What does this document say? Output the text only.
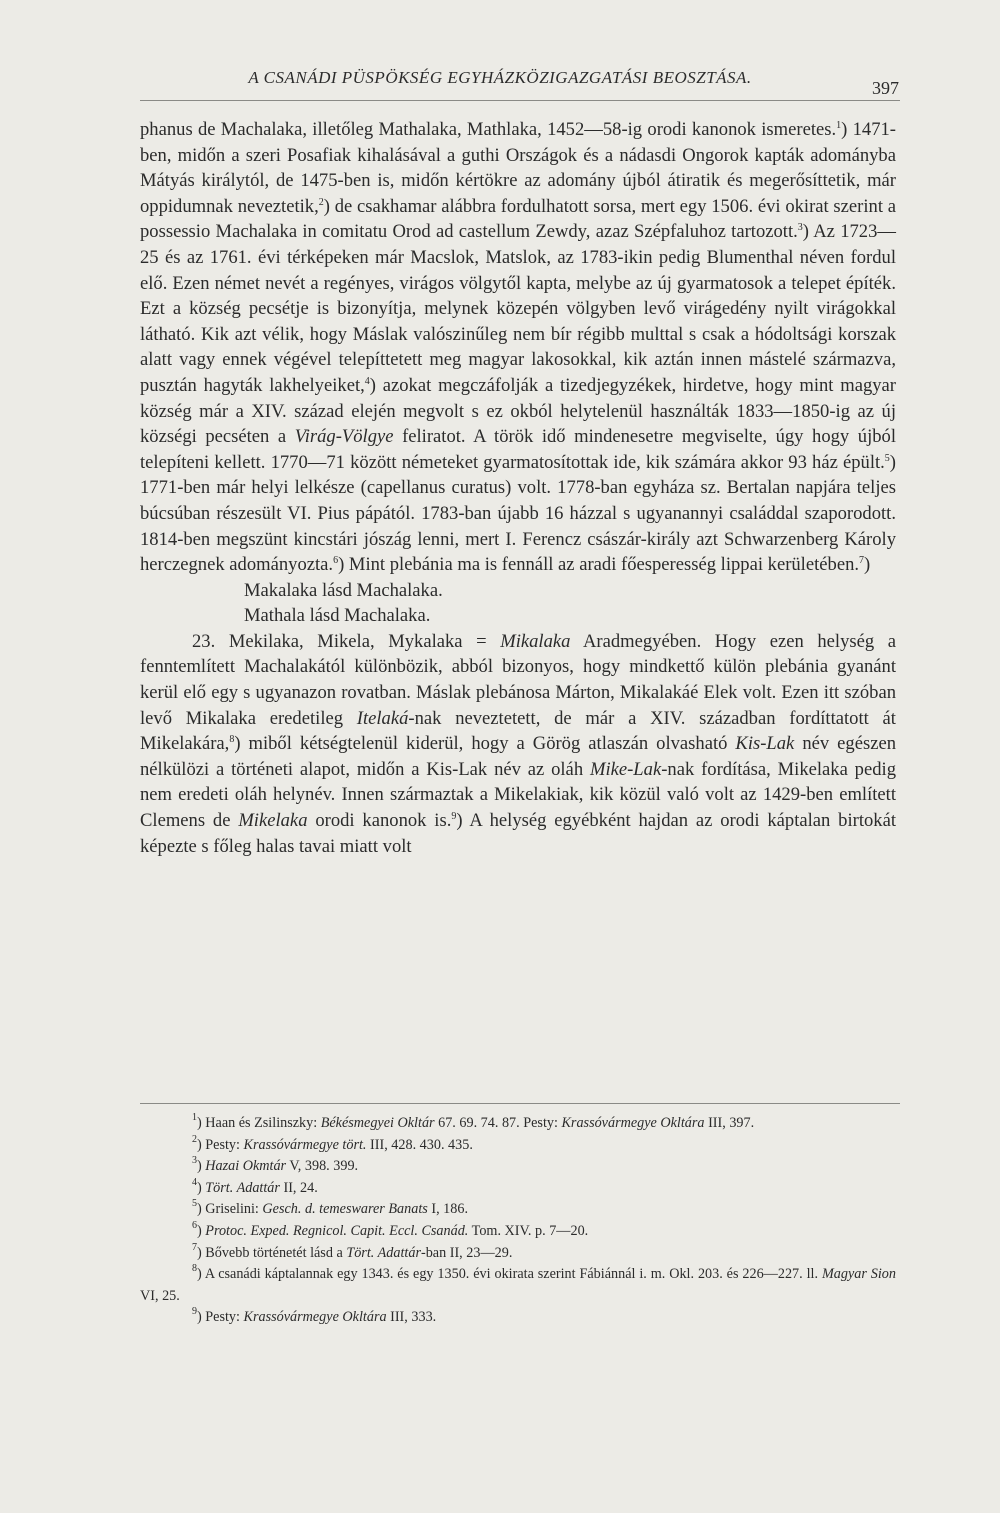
A CSANÁDI PÜSPÖKSÉG EGYHÁZKÖZIGAZGATÁSI BEOSZTÁSA.
397

phanus de Machalaka, illetőleg Mathalaka, Mathlaka, 1452—58-ig orodi kanonok ismeretes.$^1$) 1471-ben, midőn a szeri Posafiak kihalásával a guthi Országok és a nádasdi Ongorok kapták adományba Mátyás királytól, de 1475-ben is, midőn kértökre az adomány újból átiratik és megerősíttetik, már oppidumnak neveztetik,$^2$) de csakhamar alábbra fordulhatott sorsa, mert egy 1506. évi okirat szerint a possessio Machalaka in comitatu Orod ad castellum Zewdy, azaz Szépfaluhoz tartozott.$^3$) Az 1723—25 és az 1761. évi térképeken már Macslok, Matslok, az 1783-ikin pedig Blumenthal néven fordul elő. Ezen német nevét a regényes, virágos völgytől kapta, melybe az új gyarmatosok a telepet építék. Ezt a község pecsétje is bizonyítja, melynek közepén völgyben levő virágedény nyilt virágokkal látható. Kik azt vélik, hogy Máslak valószinűleg nem bír régibb multtal s csak a hódoltsági korszak alatt vagy ennek végével telepíttetett meg magyar lakosokkal, kik aztán innen mástelé származva, pusztán hagyták lakhelyeiket,$^4$) azokat megczáfolják a tizedjegyzékek, hirdetve, hogy mint magyar község már a XIV. század elején megvolt s ez okból helytelenül használták 1833—1850-ig az új községi pecséten a Virág-Völgye feliratot. A török idő mindenesetre megviselte, úgy hogy újból telepíteni kellett. 1770—71 között németeket gyarmatosítottak ide, kik számára akkor 93 ház épült.$^5$) 1771-ben már helyi lelkésze (capellanus curatus) volt. 1778-ban egyháza sz. Bertalan napjára teljes búcsúban részesült VI. Pius pápától. 1783-ban újabb 16 házzal s ugyanannyi családdal szaporodott. 1814-ben megszünt kincstári jószág lenni, mert I. Ferencz császár-király azt Schwarzenberg Károly herczegnek adományozta.$^6$) Mint plebánia ma is fennáll az aradi főesperesség lippai kerületében.$^7$)

Makalaka lásd Machalaka.

Mathala lásd Machalaka.

23. Mekilaka, Mikela, Mykalaka = Mikalaka Aradmegyében. Hogy ezen helység a fenntemlített Machalakától különbözik, abból bizonyos, hogy mindkettő külön plebánia gyanánt kerül elő egy s ugyanazon rovatban. Máslak plebánosa Márton, Mikalakáé Elek volt. Ezen itt szóban levő Mikalaka eredetileg Itelaká-nak neveztetett, de már a XIV. században fordíttatott át Mikelakára,$^8$) miből kétségtelenül kiderül, hogy a Görög atlaszán olvasható Kis-Lak név egészen nélkülözi a történeti alapot, midőn a Kis-Lak név az oláh Mike-Lak-nak fordítása, Mikelaka pedig nem eredeti oláh helynév. Innen származtak a Mikelakiak, kik közül való volt az 1429-ben említett Clemens de Mikelaka orodi kanonok is.$^9$) A helység egyébként hajdan az orodi káptalan birtokát képezte s főleg halas tavai miatt volt

$^1$) Haan és Zsilinszky: Békésmegyei Okltár 67. 69. 74. 87. Pesty: Krassóvármegye Okltára III, 397.

$^2$) Pesty: Krassóvármegye tört. III, 428. 430. 435.

$^3$) Hazai Okmtár V, 398. 399.

$^4$) Tört. Adattár II, 24.

$^5$) Griselini: Gesch. d. temeswarer Banats I, 186.

$^6$) Protoc. Exped. Regnicol. Capit. Eccl. Csanád. Tom. XIV. p. 7—20.

$^7$) Bővebb történetét lásd a Tört. Adattár-ban II, 23—29.

$^8$) A csanádi káptalannak egy 1343. és egy 1350. évi okirata szerint Fábiánnál i. m. Okl. 203. és 226—227. ll. Magyar Sion VI, 25.

$^9$) Pesty: Krassóvármegye Okltára III, 333.
